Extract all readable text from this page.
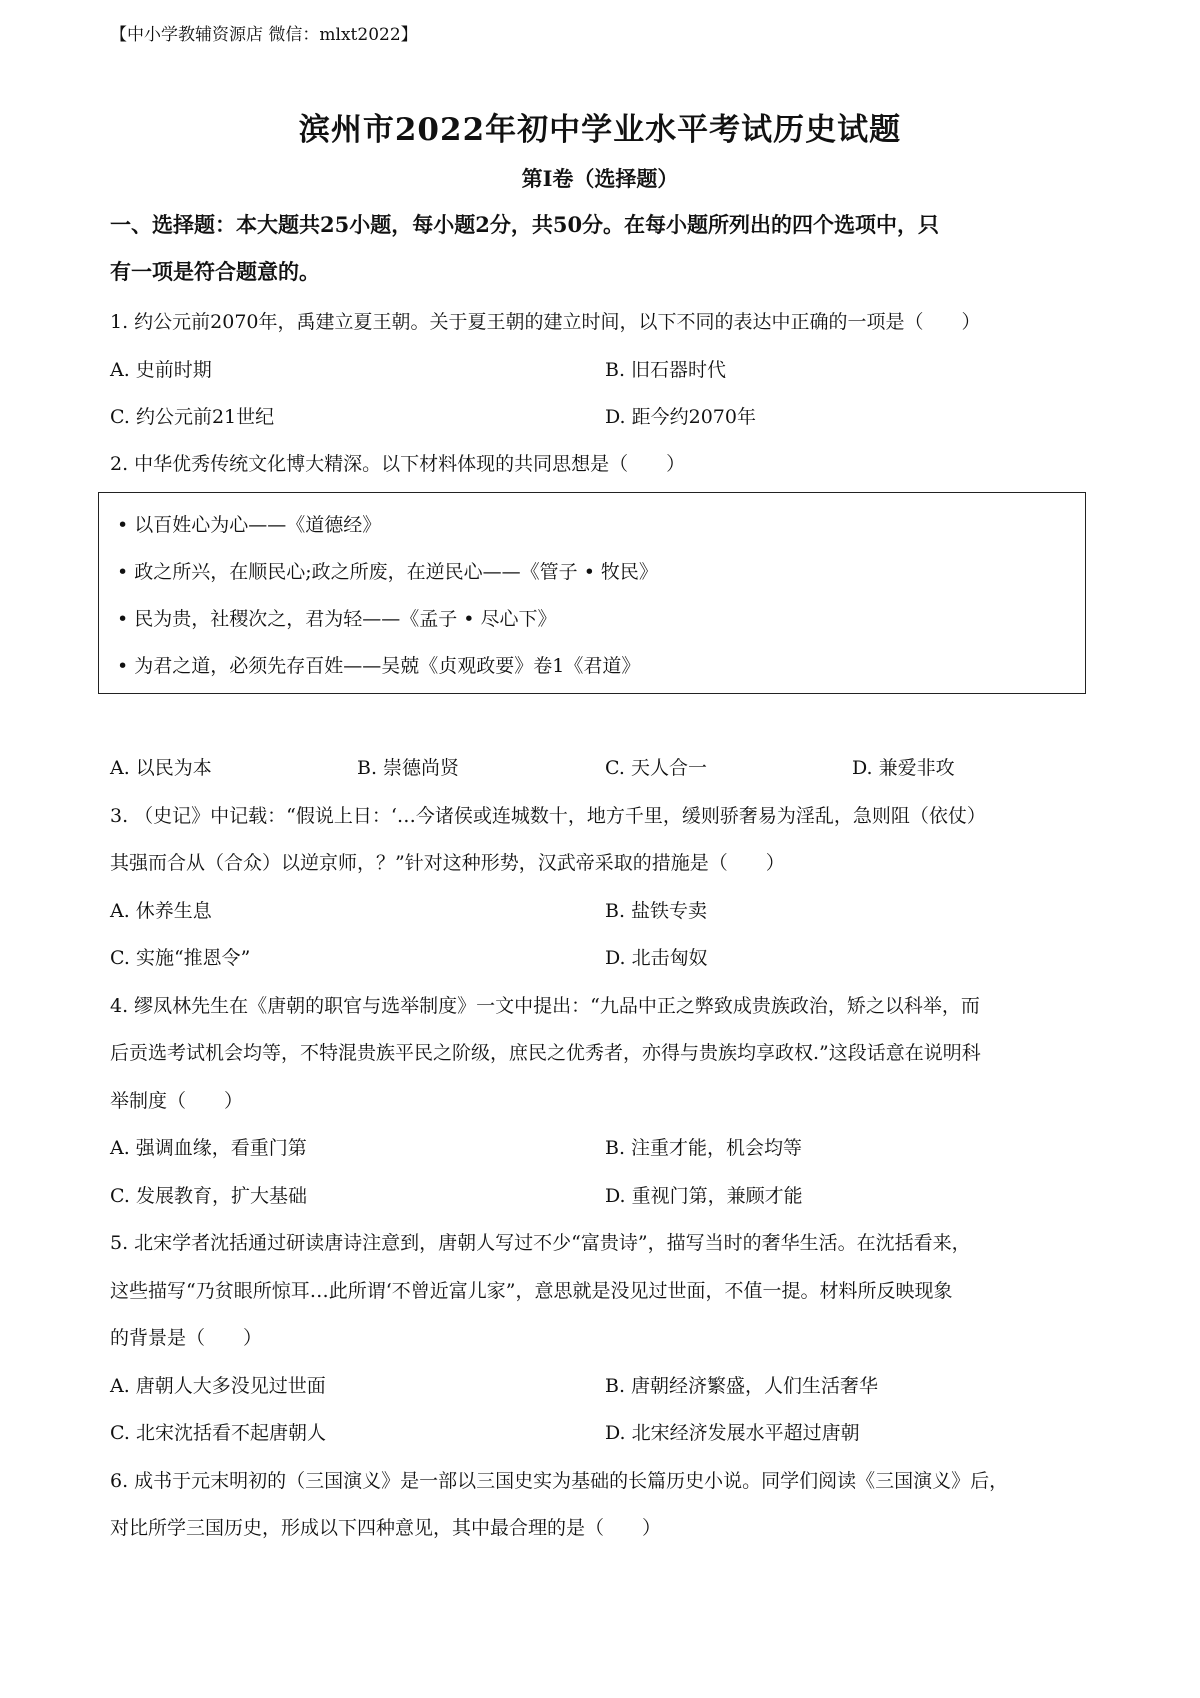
【中小学教辅资源店 微信：mlxt2022】
滨州市2022年初中学业水平考试历史试题
第Ⅰ卷（选择题）
一、选择题：本大题共25小题，每小题2分，共50分。在每小题所列出的四个选项中，只
有一项是符合题意的。
1. 约公元前2070年，禹建立夏王朝。关于夏王朝的建立时间，以下不同的表达中正确的一项是（　　）
A. 史前时期	B. 旧石器时代
C. 约公元前21世纪	D. 距今约2070年
2. 中华优秀传统文化博大精深。以下材料体现的共同思想是（　　）
• 以百姓心为心——《道德经》
• 政之所兴，在顺民心;政之所废，在逆民心——《管子 • 牧民》
• 民为贵，社稷次之，君为轻——《孟子 • 尽心下》
• 为君之道，必须先存百姓——吴兢《贞观政要》卷1《君道》
A. 以民为本	B. 崇德尚贤	C. 天人合一	D. 兼爱非攻
3. （史记》中记载：“假说上日：‘…今诸侯或连城数十，地方千里，缓则骄奢易为淫乱，急则阻（依仗）
其强而合从（合众）以逆京师，？”针对这种形势，汉武帝采取的措施是（　　）
A. 休养生息	B. 盐铁专卖
C. 实施“推恩令”	D. 北击匈奴
4. 缪凤林先生在《唐朝的职官与选举制度》一文中提出：“九品中正之弊致成贵族政治，矫之以科举，而
后贡选考试机会均等，不特混贵族平民之阶级，庶民之优秀者，亦得与贵族均享政权.”这段话意在说明科
举制度（　　）
A. 强调血缘，看重门第	B. 注重才能，机会均等
C. 发展教育，扩大基础	D. 重视门第，兼顾才能
5. 北宋学者沈括通过研读唐诗注意到，唐朝人写过不少“富贵诗”，描写当时的奢华生活。在沈括看来，
这些描写“乃贫眼所惊耳…此所谓‘不曾近富儿家”，意思就是没见过世面，不值一提。材料所反映现象
的背景是（　　）
A. 唐朝人大多没见过世面	B. 唐朝经济繁盛，人们生活奢华
C. 北宋沈括看不起唐朝人	D. 北宋经济发展水平超过唐朝
6. 成书于元末明初的（三国演义》是一部以三国史实为基础的长篇历史小说。同学们阅读《三国演义》后，
对比所学三国历史，形成以下四种意见，其中最合理的是（　　）
